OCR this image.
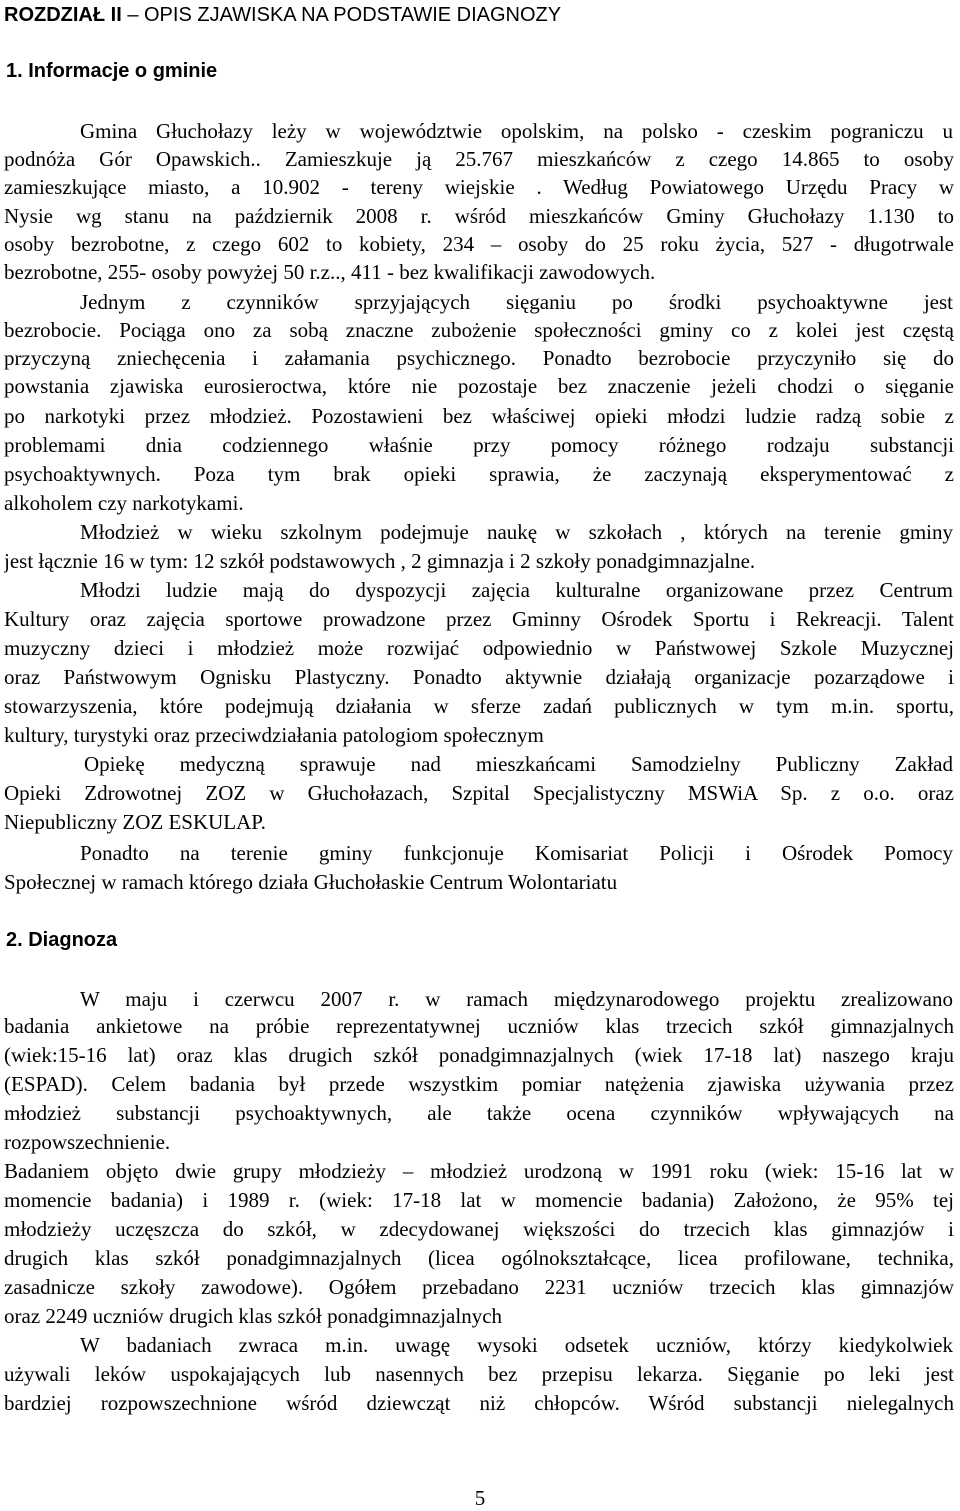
ROZDZIAŁ II – OPIS ZJAWISKA NA PODSTAWIE DIAGNOZY
1. Informacje o gminie
Gmina Głuchołazy leży w województwie opolskim, na polsko - czeskim pograniczu u
podnóża Gór Opawskich.. Zamieszkuje ją 25.767 mieszkańców z czego 14.865 to osoby
zamieszkujące miasto, a 10.902 - tereny wiejskie . Według Powiatowego Urzędu Pracy w
Nysie wg stanu na październik 2008 r. wśród mieszkańców Gminy Głuchołazy 1.130 to
osoby bezrobotne, z czego 602 to kobiety, 234 – osoby do 25 roku życia, 527 - długotrwale
bezrobotne, 255- osoby powyżej 50 r.z.., 411 - bez kwalifikacji zawodowych.
Jednym z czynników sprzyjających sięganiu po środki psychoaktywne jest
bezrobocie. Pociąga ono za sobą znaczne zubożenie społeczności gminy co z kolei jest częstą
przyczyną zniechęcenia i załamania psychicznego. Ponadto bezrobocie przyczyniło się do
powstania zjawiska eurosieroctwa, które nie pozostaje bez znaczenie jeżeli chodzi o sięganie
po narkotyki przez młodzież. Pozostawieni bez właściwej opieki młodzi ludzie radzą sobie z
problemami dnia codziennego właśnie przy pomocy różnego rodzaju substancji
psychoaktywnych. Poza tym brak opieki sprawia, że zaczynają eksperymentować z
alkoholem czy narkotykami.
Młodzież w wieku szkolnym podejmuje naukę w szkołach , których na terenie gminy
jest łącznie 16 w tym: 12 szkół podstawowych , 2 gimnazja i 2 szkoły ponadgimnazjalne.
Młodzi ludzie mają do dyspozycji zajęcia kulturalne organizowane przez Centrum
Kultury oraz zajęcia sportowe prowadzone przez Gminny Ośrodek Sportu i Rekreacji. Talent
muzyczny dzieci i młodzież może rozwijać odpowiednio w Państwowej Szkole Muzycznej
oraz Państwowym Ognisku Plastyczny. Ponadto aktywnie działają organizacje pozarządowe i
stowarzyszenia, które podejmują działania w sferze zadań publicznych w tym m.in. sportu,
kultury, turystyki oraz przeciwdziałania patologiom społecznym
Opiekę medyczną sprawuje nad mieszkańcami Samodzielny Publiczny Zakład
Opieki Zdrowotnej ZOZ w Głuchołazach, Szpital Specjalistyczny MSWiA Sp. z o.o. oraz
Niepubliczny ZOZ ESKULAP.
Ponadto na terenie gminy funkcjonuje Komisariat Policji i Ośrodek Pomocy
Społecznej w ramach którego działa Głuchołaskie Centrum Wolontariatu
2. Diagnoza
W maju i czerwcu 2007 r. w ramach międzynarodowego projektu zrealizowano
badania ankietowe na próbie reprezentatywnej uczniów klas trzecich szkół gimnazjalnych
(wiek:15-16 lat) oraz klas drugich szkół ponadgimnazjalnych (wiek 17-18 lat) naszego kraju
(ESPAD). Celem badania był przede wszystkim pomiar natężenia zjawiska używania przez
młodzież substancji psychoaktywnych, ale także ocena czynników wpływających na
rozpowszechnienie.
Badaniem objęto dwie grupy młodzieży – młodzież urodzoną w 1991 roku (wiek: 15-16 lat w
momencie badania) i 1989 r. (wiek: 17-18 lat w momencie badania) Założono, że 95% tej
młodzieży uczęszcza do szkół, w zdecydowanej większości do trzecich klas gimnazjów i
drugich klas szkół ponadgimnazjalnych (licea ogólnokształcące, licea profilowane, technika,
zasadnicze szkoły zawodowe). Ogółem przebadano 2231 uczniów trzecich klas gimnazjów
oraz 2249 uczniów drugich klas szkół ponadgimnazjalnych
W badaniach zwraca m.in. uwagę wysoki odsetek uczniów, którzy kiedykolwiek
używali leków uspokajających lub nasennych bez przepisu lekarza. Sięganie po leki jest
bardziej rozpowszechnione wśród dziewcząt niż chłopców. Wśród substancji nielegalnych
5
